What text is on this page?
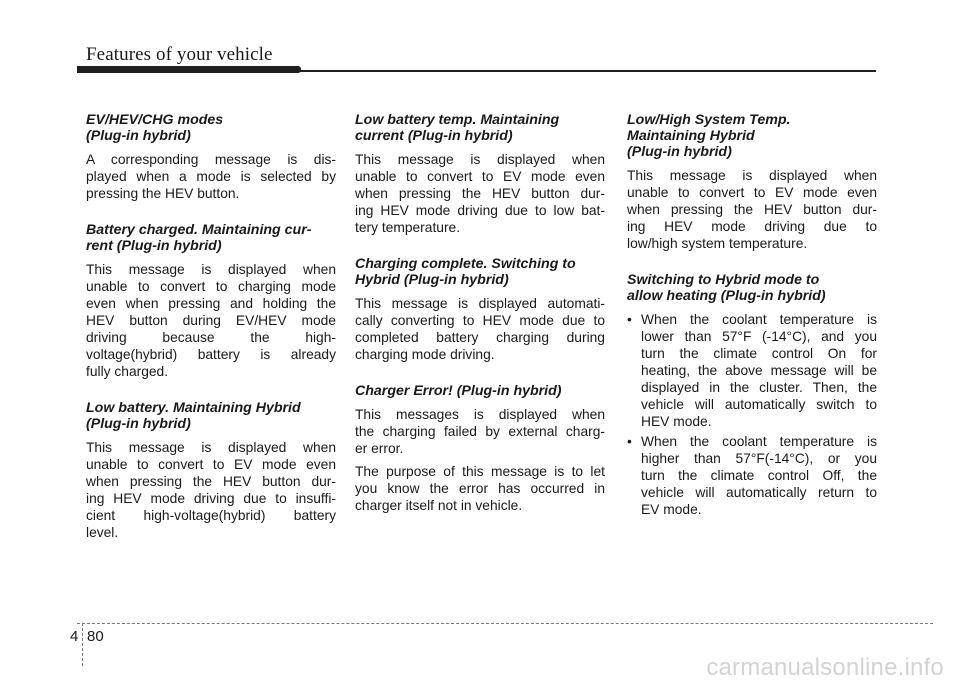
Features of your vehicle
EV/HEV/CHG modes
(Plug-in hybrid)
A corresponding message is dis-
played when a mode is selected by
pressing the HEV button.
Battery charged. Maintaining cur-
rent (Plug-in hybrid)
This message is displayed when
unable to convert to charging mode
even when pressing and holding the
HEV button during EV/HEV mode
driving because the high-
voltage(hybrid) battery is already
fully charged.
Low battery. Maintaining Hybrid
(Plug-in hybrid)
This message is displayed when
unable to convert to EV mode even
when pressing the HEV button dur-
ing HEV mode driving due to insuffi-
cient high-voltage(hybrid) battery
level.
Low battery temp. Maintaining
current (Plug-in hybrid)
This message is displayed when
unable to convert to EV mode even
when pressing the HEV button dur-
ing HEV mode driving due to low bat-
tery temperature.
Charging complete. Switching to
Hybrid (Plug-in hybrid)
This message is displayed automati-
cally converting to HEV mode due to
completed battery charging during
charging mode driving.
Charger Error! (Plug-in hybrid)
This messages is displayed when
the charging failed by external charg-
er error.
The purpose of this message is to let
you know the error has occurred in
charger itself not in vehicle.
Low/High System Temp.
Maintaining Hybrid
(Plug-in hybrid)
This message is displayed when
unable to convert to EV mode even
when pressing the HEV button dur-
ing HEV mode driving due to
low/high system temperature.
Switching to Hybrid mode to
allow heating (Plug-in hybrid)
• When the coolant temperature is
lower than 57°F (-14°C), and you
turn the climate control On for
heating, the above message will be
displayed in the cluster. Then, the
vehicle will automatically switch to
HEV mode.
• When the coolant temperature is
higher than 57°F(-14°C), or you
turn the climate control Off, the
vehicle will automatically return to
EV mode.
4 80
carmanualsonline.info
